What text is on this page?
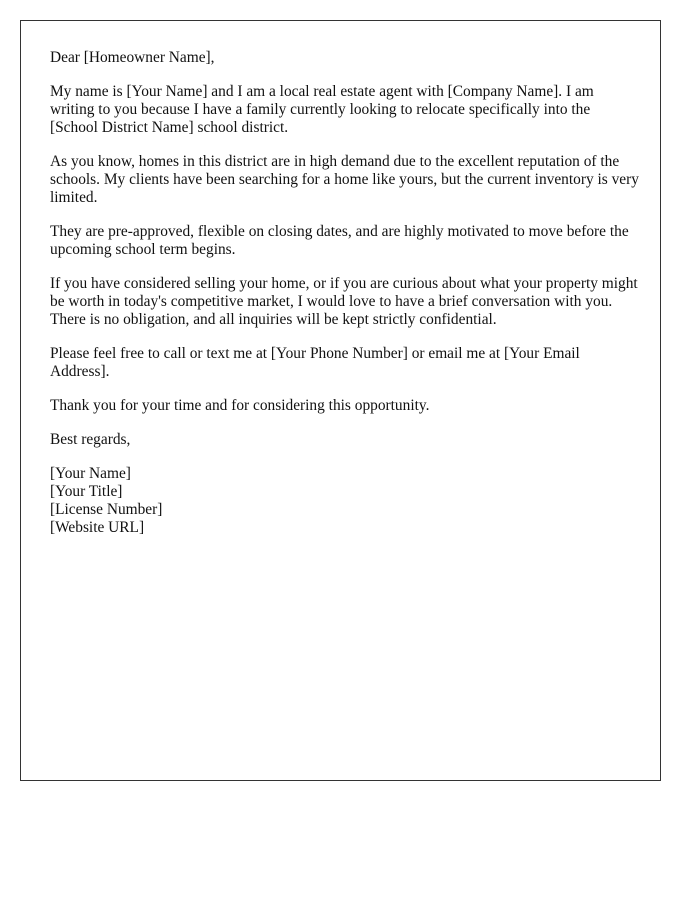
Dear [Homeowner Name],

My name is [Your Name] and I am a local real estate agent with [Company Name]. I am writing to you because I have a family currently looking to relocate specifically into the [School District Name] school district.

As you know, homes in this district are in high demand due to the excellent reputation of the schools. My clients have been searching for a home like yours, but the current inventory is very limited.

They are pre-approved, flexible on closing dates, and are highly motivated to move before the upcoming school term begins.

If you have considered selling your home, or if you are curious about what your property might be worth in today's competitive market, I would love to have a brief conversation with you. There is no obligation, and all inquiries will be kept strictly confidential.

Please feel free to call or text me at [Your Phone Number] or email me at [Your Email Address].

Thank you for your time and for considering this opportunity.

Best regards,

[Your Name]
[Your Title]
[License Number]
[Website URL]
